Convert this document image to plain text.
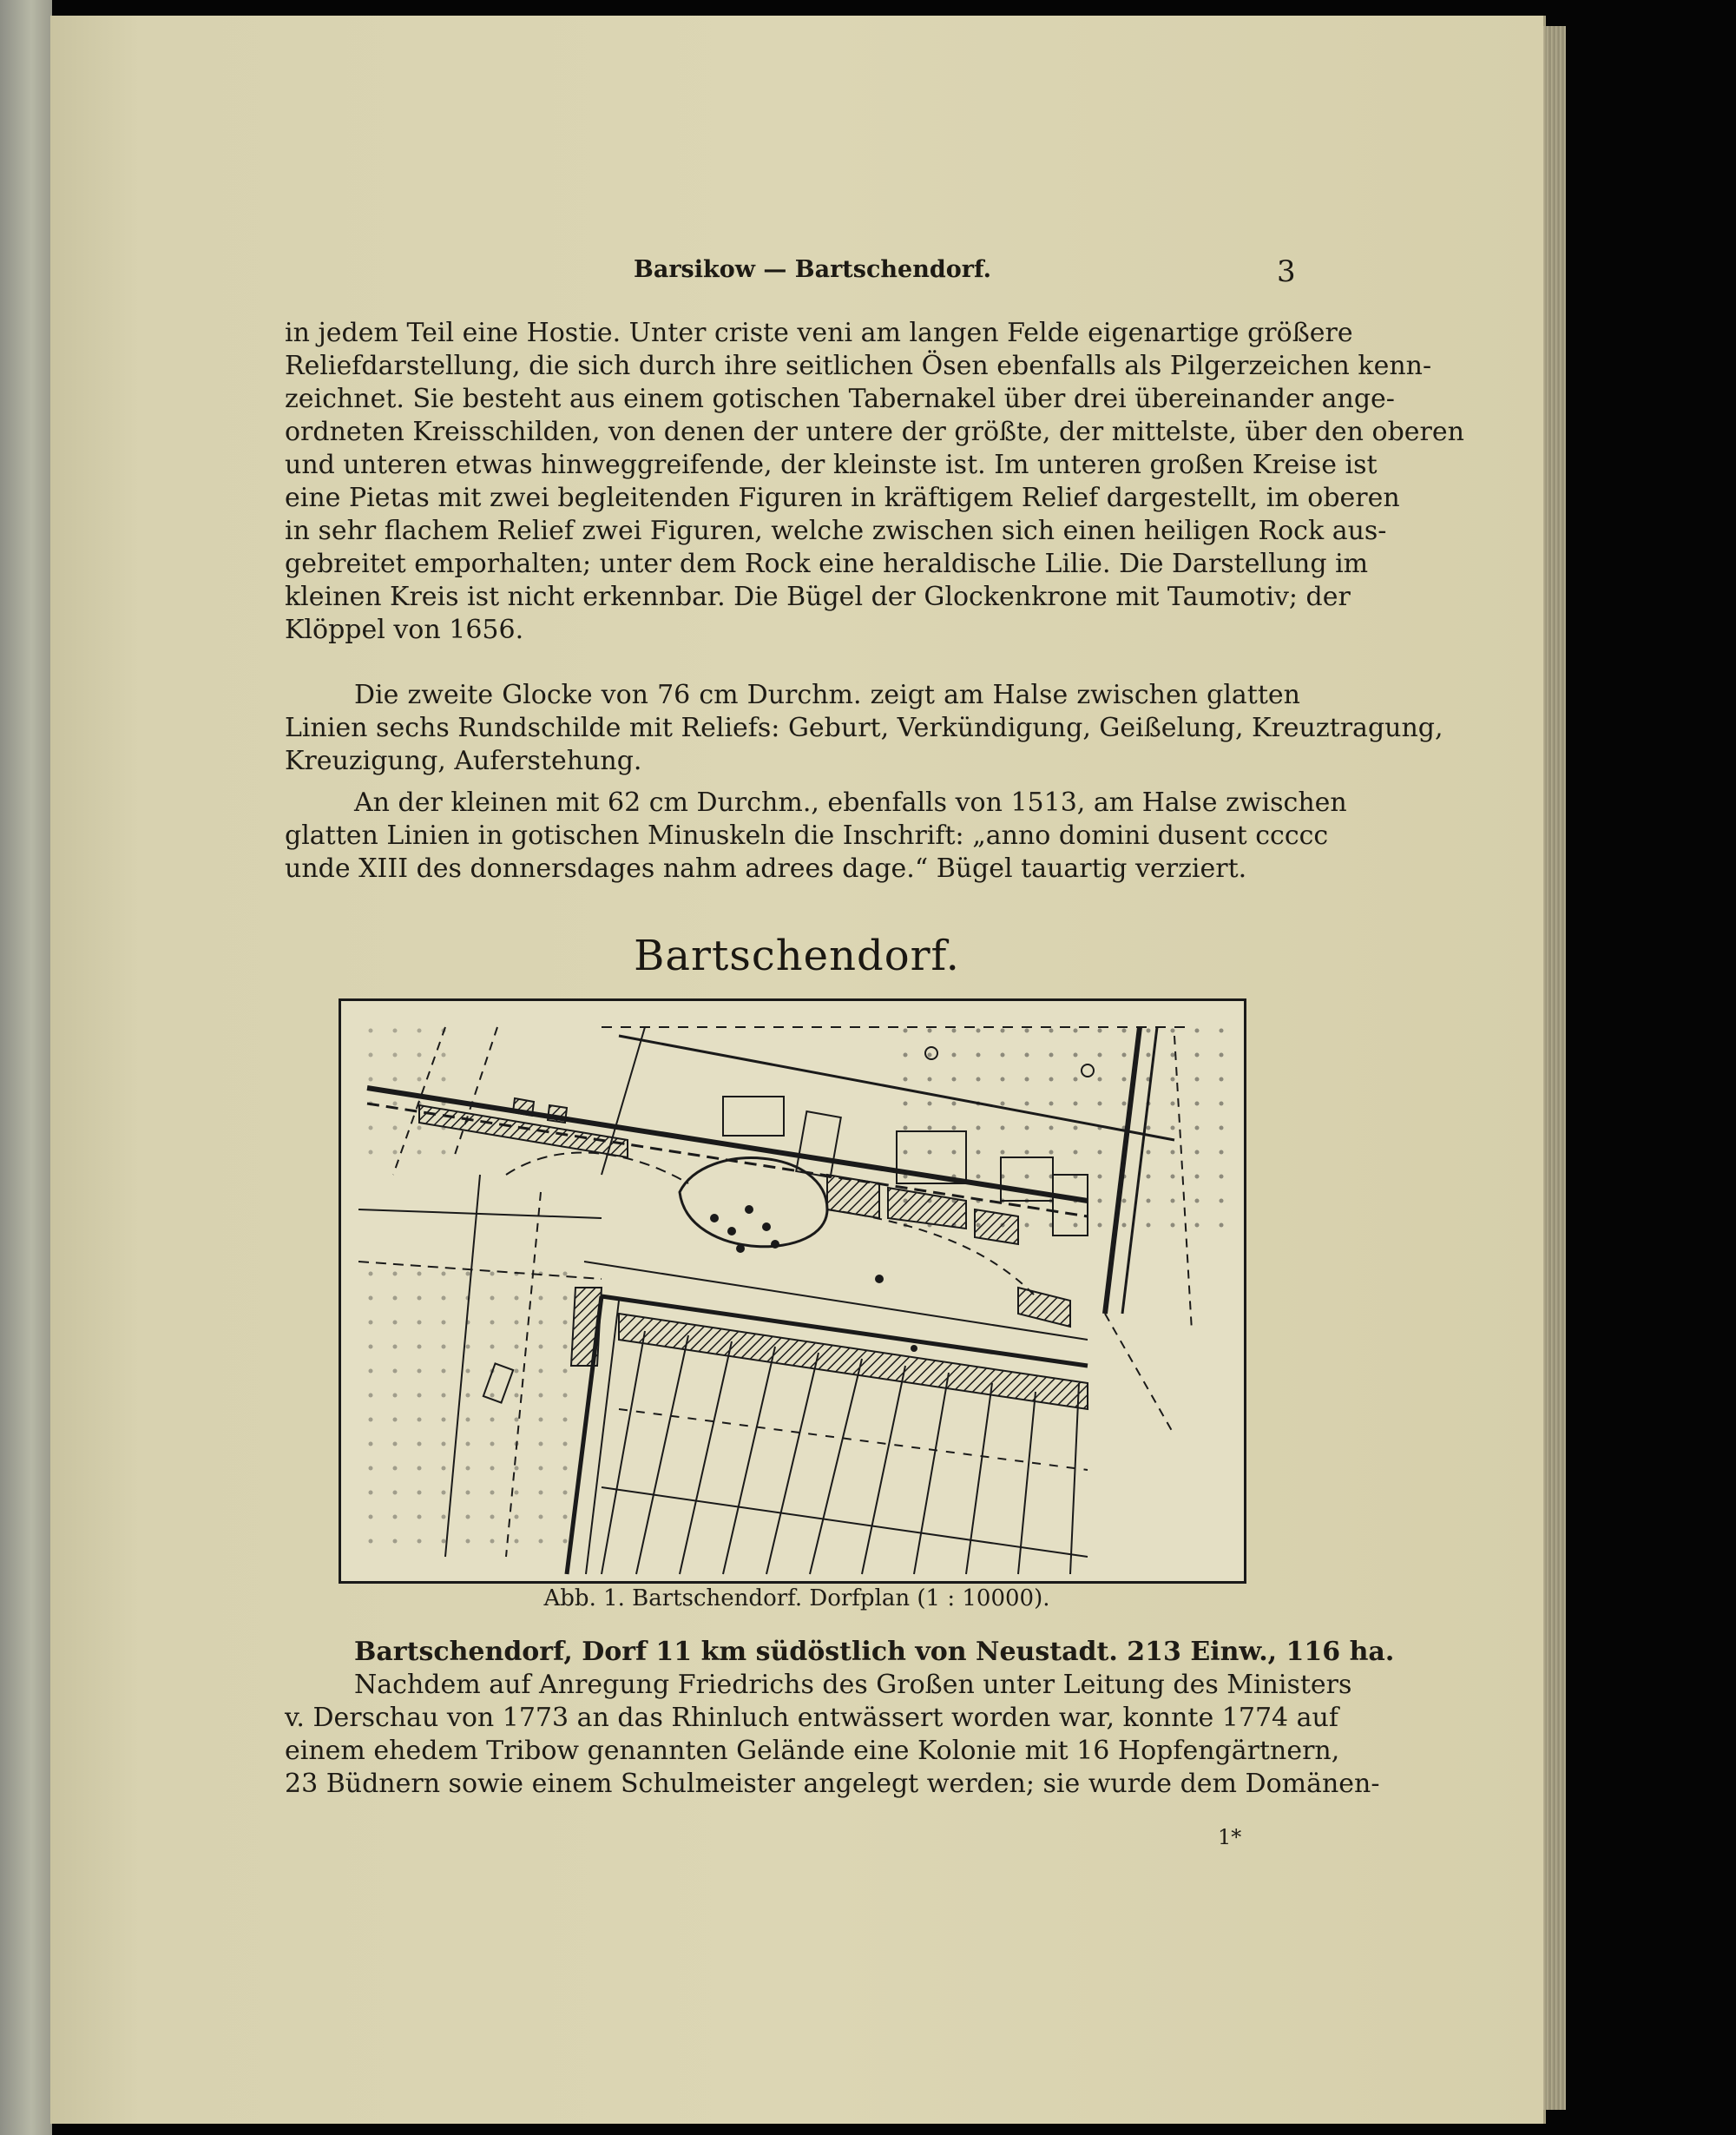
Barsikow — Bartschendorf.	3
in jedem Teil eine Hostie. Unter criste veni am langen Felde eigenartige größere
Reliefdarstellung, die sich durch ihre seitlichen Ösen ebenfalls als Pilgerzeichen kenn-
zeichnet. Sie besteht aus einem gotischen Tabernakel über drei übereinander ange-
ordneten Kreisschilden, von denen der untere der größte, der mittelste, über den oberen
und unteren etwas hinweggreifende, der kleinste ist. Im unteren großen Kreise ist
eine Pietas mit zwei begleitenden Figuren in kräftigem Relief dargestellt, im oberen
in sehr flachem Relief zwei Figuren, welche zwischen sich einen heiligen Rock aus-
gebreitet emporhalten; unter dem Rock eine heraldische Lilie. Die Darstellung im
kleinen Kreis ist nicht erkennbar. Die Bügel der Glockenkrone mit Taumotiv; der
Klöppel von 1656.
Die zweite Glocke von 76 cm Durchm. zeigt am Halse zwischen glatten
Linien sechs Rundschilde mit Reliefs: Geburt, Verkündigung, Geißelung, Kreuztragung,
Kreuzigung, Auferstehung.
An der kleinen mit 62 cm Durchm., ebenfalls von 1513, am Halse zwischen
glatten Linien in gotischen Minuskeln die Inschrift: „anno domini dusent ccccc
unde XIII des donnersdages nahm adrees dage.“ Bügel tauartig verziert.
Bartschendorf.
Abb. 1. Bartschendorf. Dorfplan (1 : 10000).
Bartschendorf, Dorf 11 km südöstlich von Neustadt. 213 Einw., 116 ha.
Nachdem auf Anregung Friedrichs des Großen unter Leitung des Ministers
v. Derschau von 1773 an das Rhinluch entwässert worden war, konnte 1774 auf
einem ehedem Tribow genannten Gelände eine Kolonie mit 16 Hopfengärtnern,
23 Büdnern sowie einem Schulmeister angelegt werden; sie wurde dem Domänen-
1*
